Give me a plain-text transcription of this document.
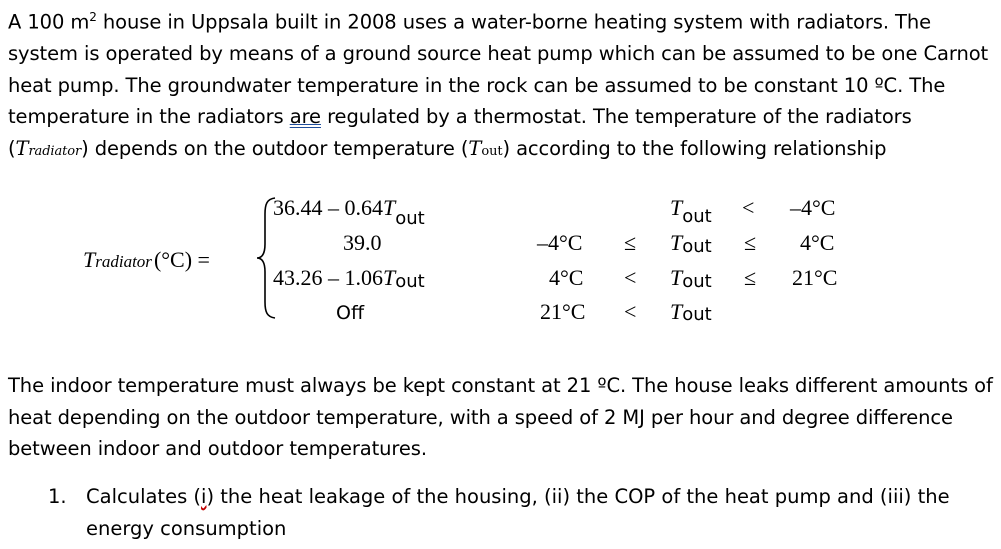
A 100 $m^2$ house in Uppsala built in 2008 uses a water-borne heating system with radiators. The system is operated by means of a ground source heat pump which can be assumed to be one Carnot heat pump. The groundwater temperature in the rock can be assumed to be constant 10 ºC. The temperature in the radiators are regulated by a thermostat. The temperature of the radiators (Tradiator) depends on the outdoor temperature (Tout) according to the following relationship

Tradiator(°C) =
$36.44 - 0.64T_{out}$	$T_{out} < -4^\circ C$
39.0	–4°C ≤ Tout ≤ 4°C
43.26 – 1.06Tout	4°C < Tout ≤ 21°C
Off	21°C < Tout

The indoor temperature must always be kept constant at 21 ºC. The house leaks different amounts of heat depending on the outdoor temperature, with a speed of 2 MJ per hour and degree difference between indoor and outdoor temperatures.

1. Calculates (i) the heat leakage of the housing, (ii) the COP of the heat pump and (iii) the energy consumption
